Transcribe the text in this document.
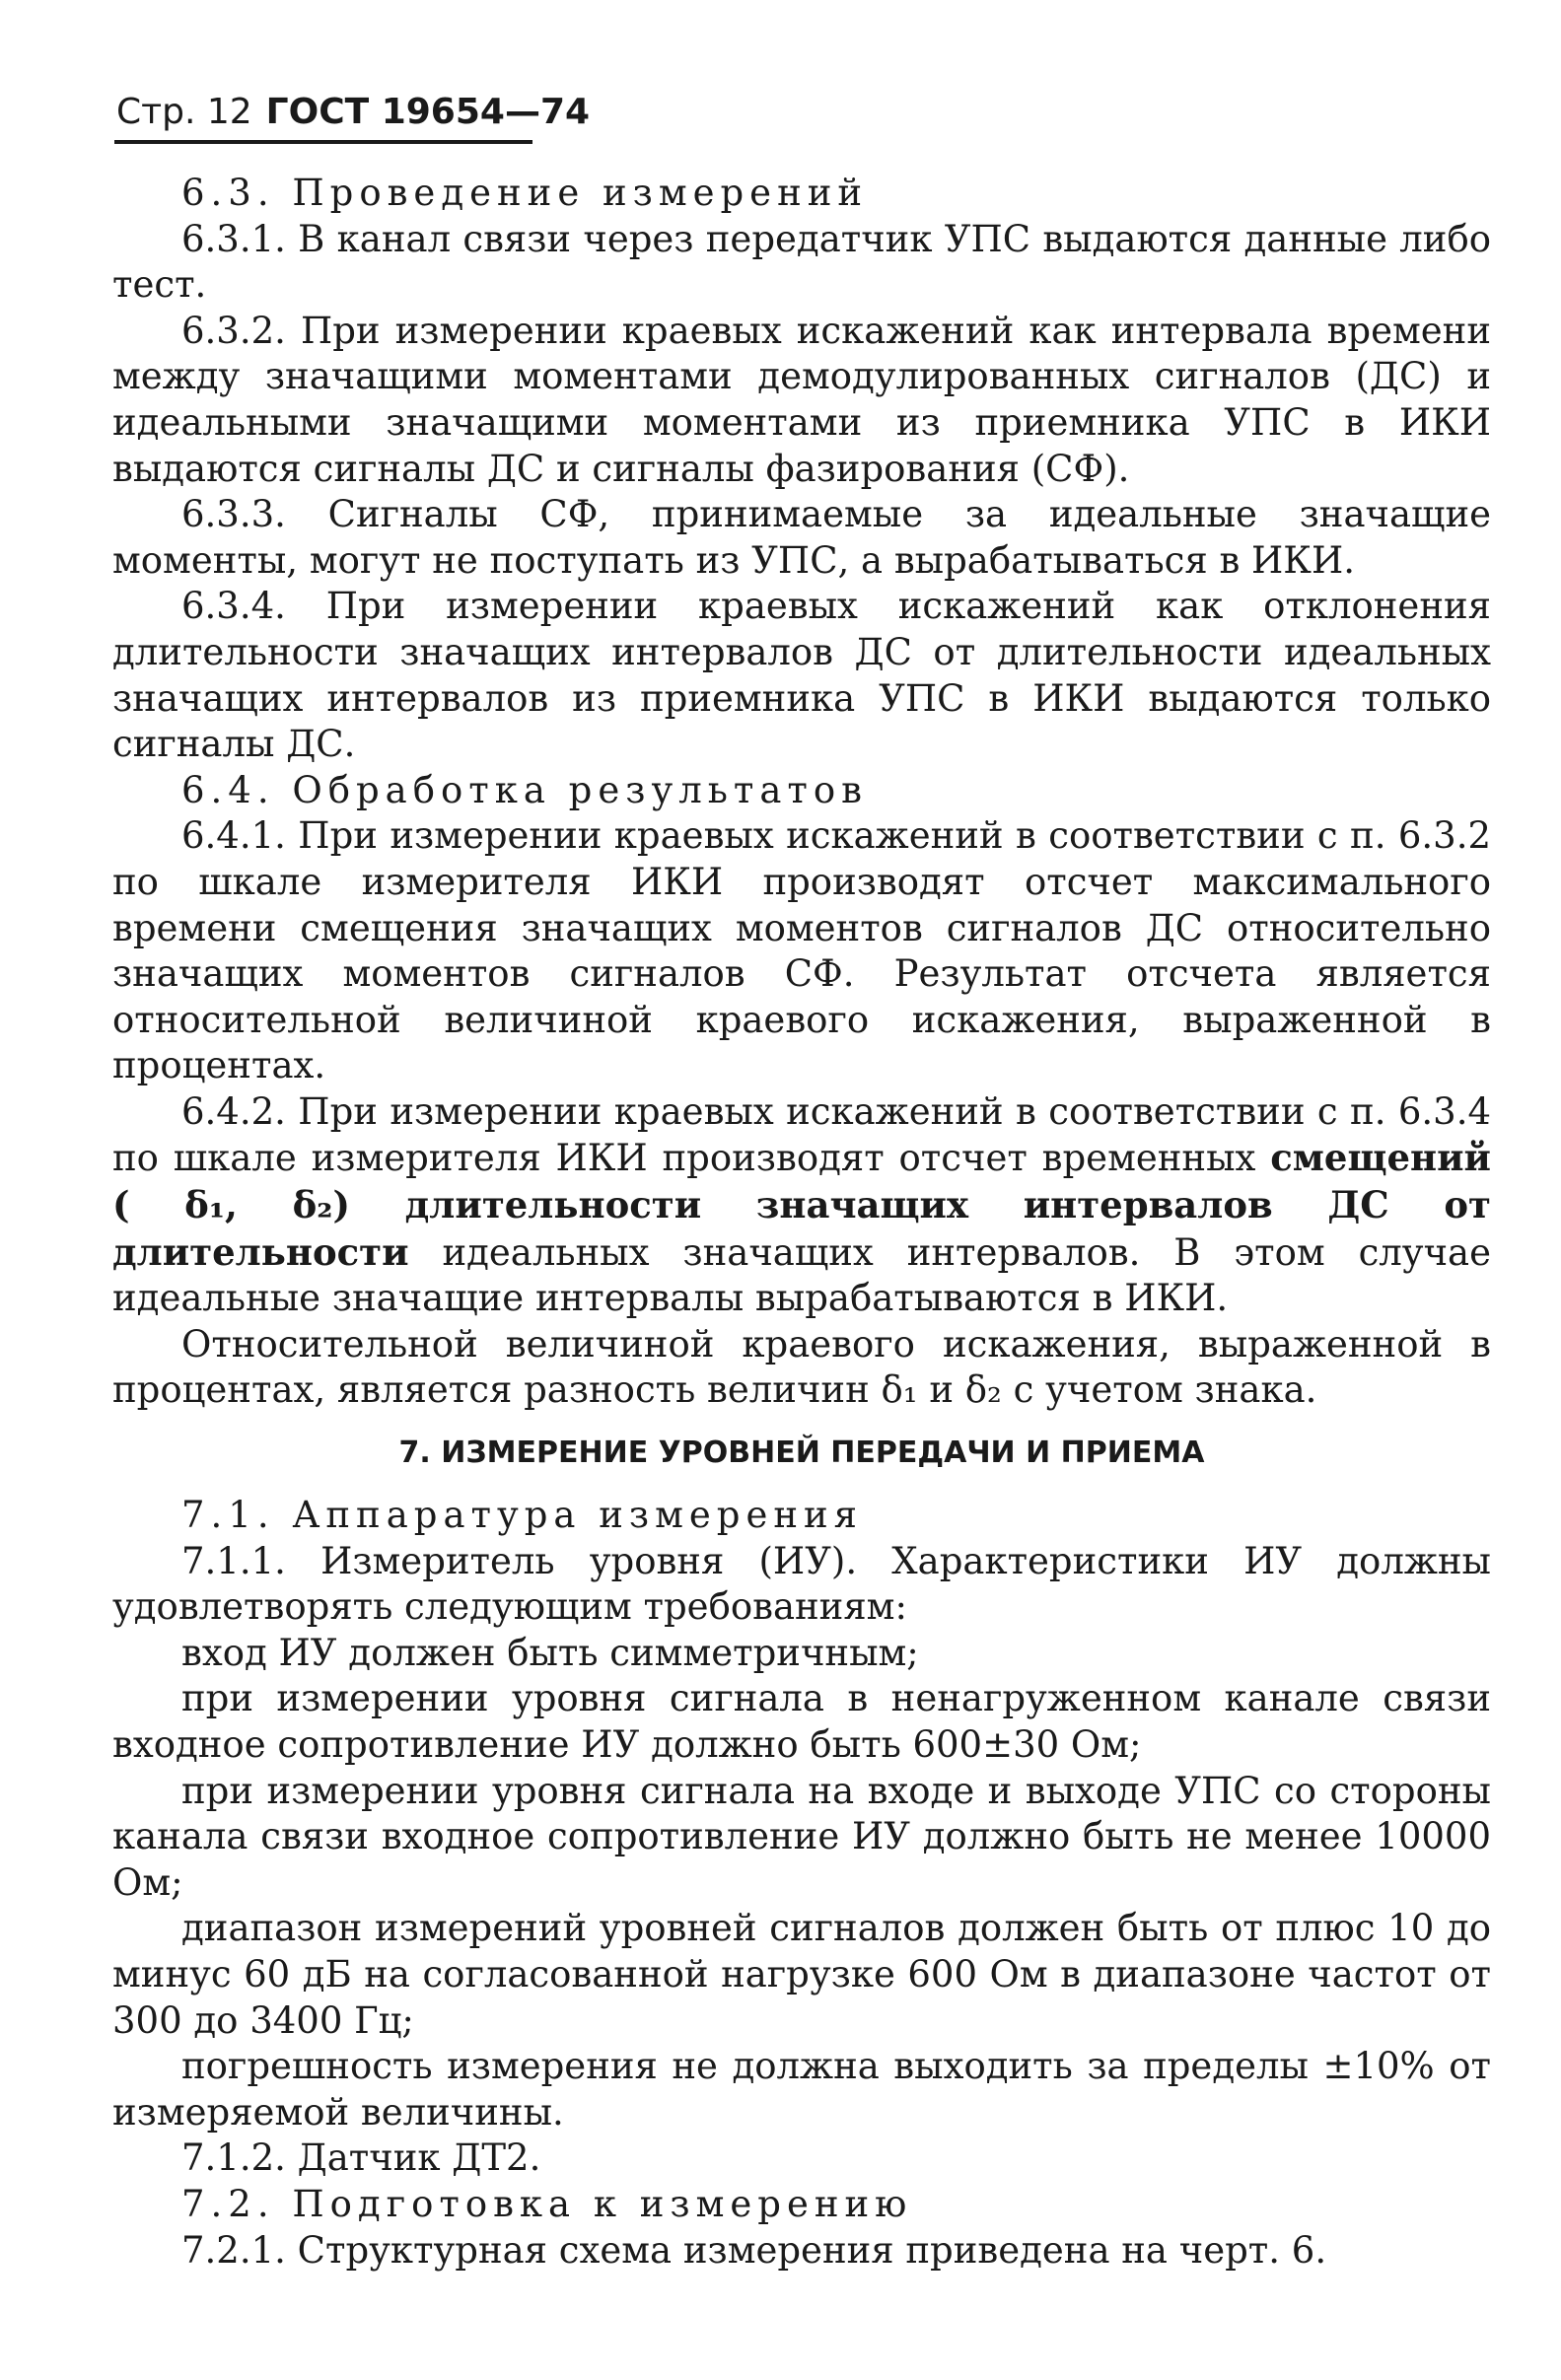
Стр. 12 ГОСТ 19654—74

6.3. Проведение измерений

6.3.1. В канал связи через передатчик УПС выдаются данные либо тест.

6.3.2. При измерении краевых искажений как интервала времени между значащими моментами демодулированных сигналов (ДС) и идеальными значащими моментами из приемника УПС в ИКИ выдаются сигналы ДС и сигналы фазирования (СФ).

6.3.3. Сигналы СФ, принимаемые за идеальные значащие моменты, могут не поступать из УПС, а вырабатываться в ИКИ.

6.3.4. При измерении краевых искажений как отклонения длительности значащих интервалов ДС от длительности идеальных значащих интервалов из приемника УПС в ИКИ выдаются только сигналы ДС.

6.4. Обработка результатов

6.4.1. При измерении краевых искажений в соответствии с п. 6.3.2 по шкале измерителя ИКИ производят отсчет максимального времени смещения значащих моментов сигналов ДС относительно значащих моментов сигналов СФ. Результат отсчета является относительной величиной краевого искажения, выраженной в процентах.

6.4.2. При измерении краевых искажений в соответствии с п. 6.3.4 по шкале измерителя ИКИ производят отсчет временных смещений ( δ₁, δ₂) длительности значащих интервалов ДС от длительности идеальных значащих интервалов. В этом случае идеальные значащие интервалы вырабатываются в ИКИ.

Относительной величиной краевого искажения, выраженной в процентах, является разность величин δ₁ и δ₂ с учетом знака.

7. ИЗМЕРЕНИЕ УРОВНЕЙ ПЕРЕДАЧИ И ПРИЕМА

7.1. Аппаратура измерения

7.1.1. Измеритель уровня (ИУ). Характеристики ИУ должны удовлетворять следующим требованиям:

вход ИУ должен быть симметричным;

при измерении уровня сигнала в ненагруженном канале связи входное сопротивление ИУ должно быть 600±30 Ом;

при измерении уровня сигнала на входе и выходе УПС со стороны канала связи входное сопротивление ИУ должно быть не менее 10000 Ом;

диапазон измерений уровней сигналов должен быть от плюс 10 до минус 60 дБ на согласованной нагрузке 600 Ом в диапазоне частот от 300 до 3400 Гц;

погрешность измерения не должна выходить за пределы ±10% от измеряемой величины.

7.1.2. Датчик ДТ2.

7.2. Подготовка к измерению

7.2.1. Структурная схема измерения приведена на черт. 6.
